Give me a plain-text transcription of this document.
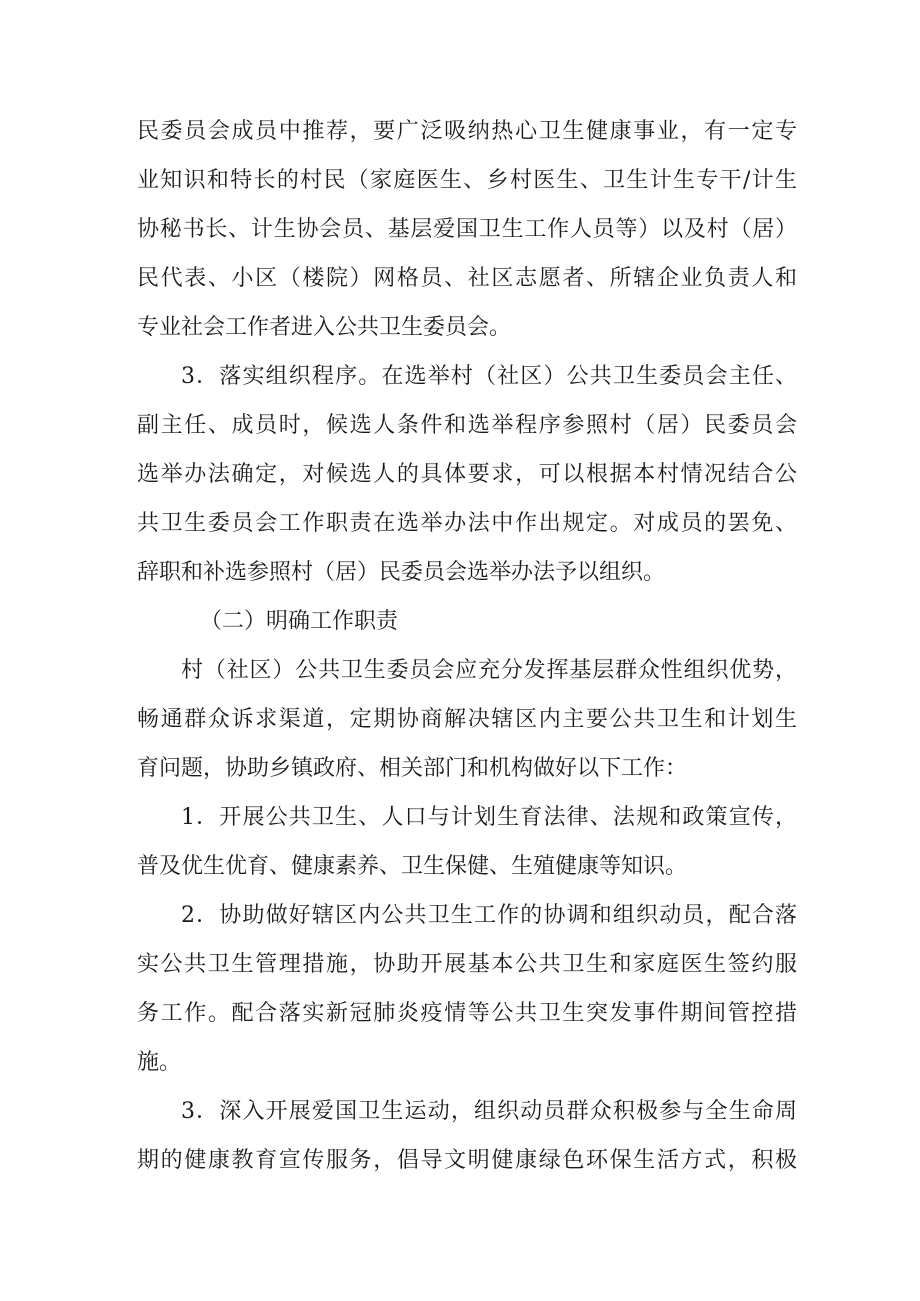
民委员会成员中推荐，要广泛吸纳热心卫生健康事业，有一定专
业知识和特长的村民（家庭医生、乡村医生、卫生计生专干/计生
协秘书长、计生协会员、基层爱国卫生工作人员等）以及村（居）
民代表、小区（楼院）网格员、社区志愿者、所辖企业负责人和
专业社会工作者进入公共卫生委员会。
3．落实组织程序。在选举村（社区）公共卫生委员会主任、
副主任、成员时，候选人条件和选举程序参照村（居）民委员会
选举办法确定，对候选人的具体要求，可以根据本村情况结合公
共卫生委员会工作职责在选举办法中作出规定。对成员的罢免、
辞职和补选参照村（居）民委员会选举办法予以组织。
（二）明确工作职责
村（社区）公共卫生委员会应充分发挥基层群众性组织优势，
畅通群众诉求渠道，定期协商解决辖区内主要公共卫生和计划生
育问题，协助乡镇政府、相关部门和机构做好以下工作：
1．开展公共卫生、人口与计划生育法律、法规和政策宣传，
普及优生优育、健康素养、卫生保健、生殖健康等知识。
2．协助做好辖区内公共卫生工作的协调和组织动员，配合落
实公共卫生管理措施，协助开展基本公共卫生和家庭医生签约服
务工作。配合落实新冠肺炎疫情等公共卫生突发事件期间管控措
施。
3．深入开展爱国卫生运动，组织动员群众积极参与全生命周
期的健康教育宣传服务，倡导文明健康绿色环保生活方式，积极
